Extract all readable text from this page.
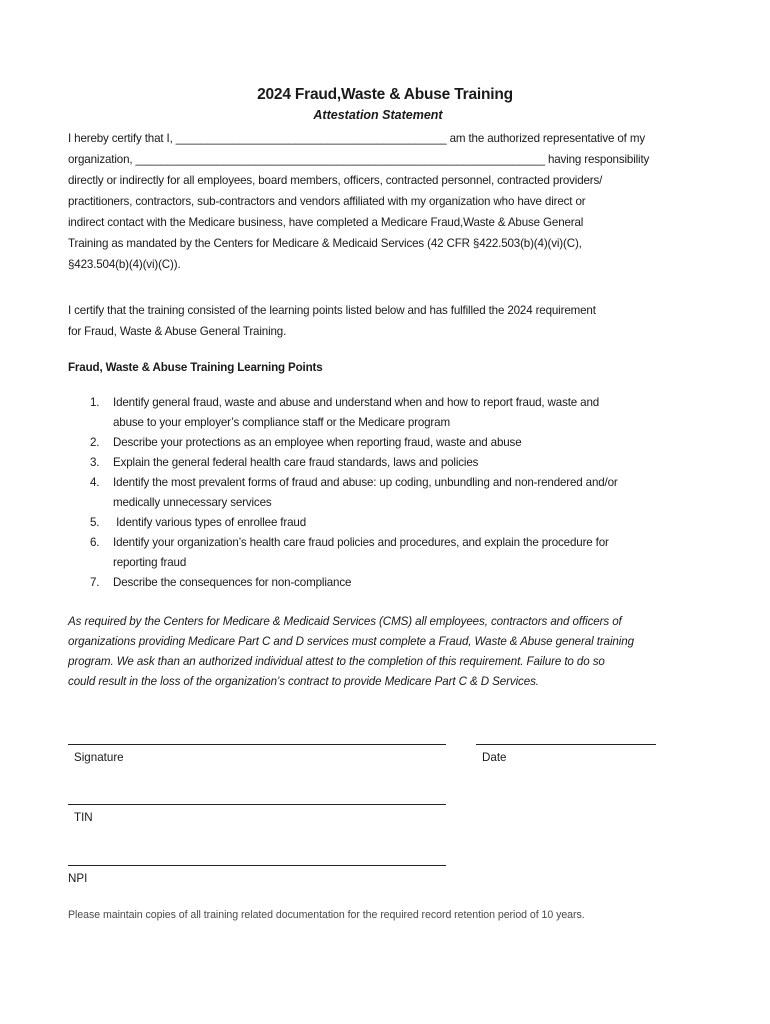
2024 Fraud,Waste & Abuse Training
Attestation Statement
I hereby certify that I, ___________________________________________ am the authorized representative of my
organization, _________________________________________________________________ having responsibility
directly or indirectly for all employees, board members, officers, contracted personnel, contracted providers/
practitioners, contractors, sub-contractors and vendors affiliated with my organization who have direct or
indirect contact with the Medicare business, have completed a Medicare Fraud,Waste & Abuse General
Training as mandated by the Centers for Medicare & Medicaid Services (42 CFR §422.503(b)(4)(vi)(C),
§423.504(b)(4)(vi)(C)).
I certify that the training consisted of the learning points listed below and has fulfilled the 2024 requirement
for Fraud, Waste & Abuse General Training.
Fraud, Waste & Abuse Training Learning Points
1. Identify general fraud, waste and abuse and understand when and how to report fraud, waste and
abuse to your employer’s compliance staff or the Medicare program
2. Describe your protections as an employee when reporting fraud, waste and abuse
3. Explain the general federal health care fraud standards, laws and policies
4. Identify the most prevalent forms of fraud and abuse: up coding, unbundling and non-rendered and/or
medically unnecessary services
5. Identify various types of enrollee fraud
6. Identify your organization’s health care fraud policies and procedures, and explain the procedure for
reporting fraud
7. Describe the consequences for non-compliance
As required by the Centers for Medicare & Medicaid Services (CMS) all employees, contractors and officers of
organizations providing Medicare Part C and D services must complete a Fraud, Waste & Abuse general training
program. We ask than an authorized individual attest to the completion of this requirement. Failure to do so
could result in the loss of the organization’s contract to provide Medicare Part C & D Services.
Signature	Date
TIN
NPI
Please maintain copies of all training related documentation for the required record retention period of 10 years.
